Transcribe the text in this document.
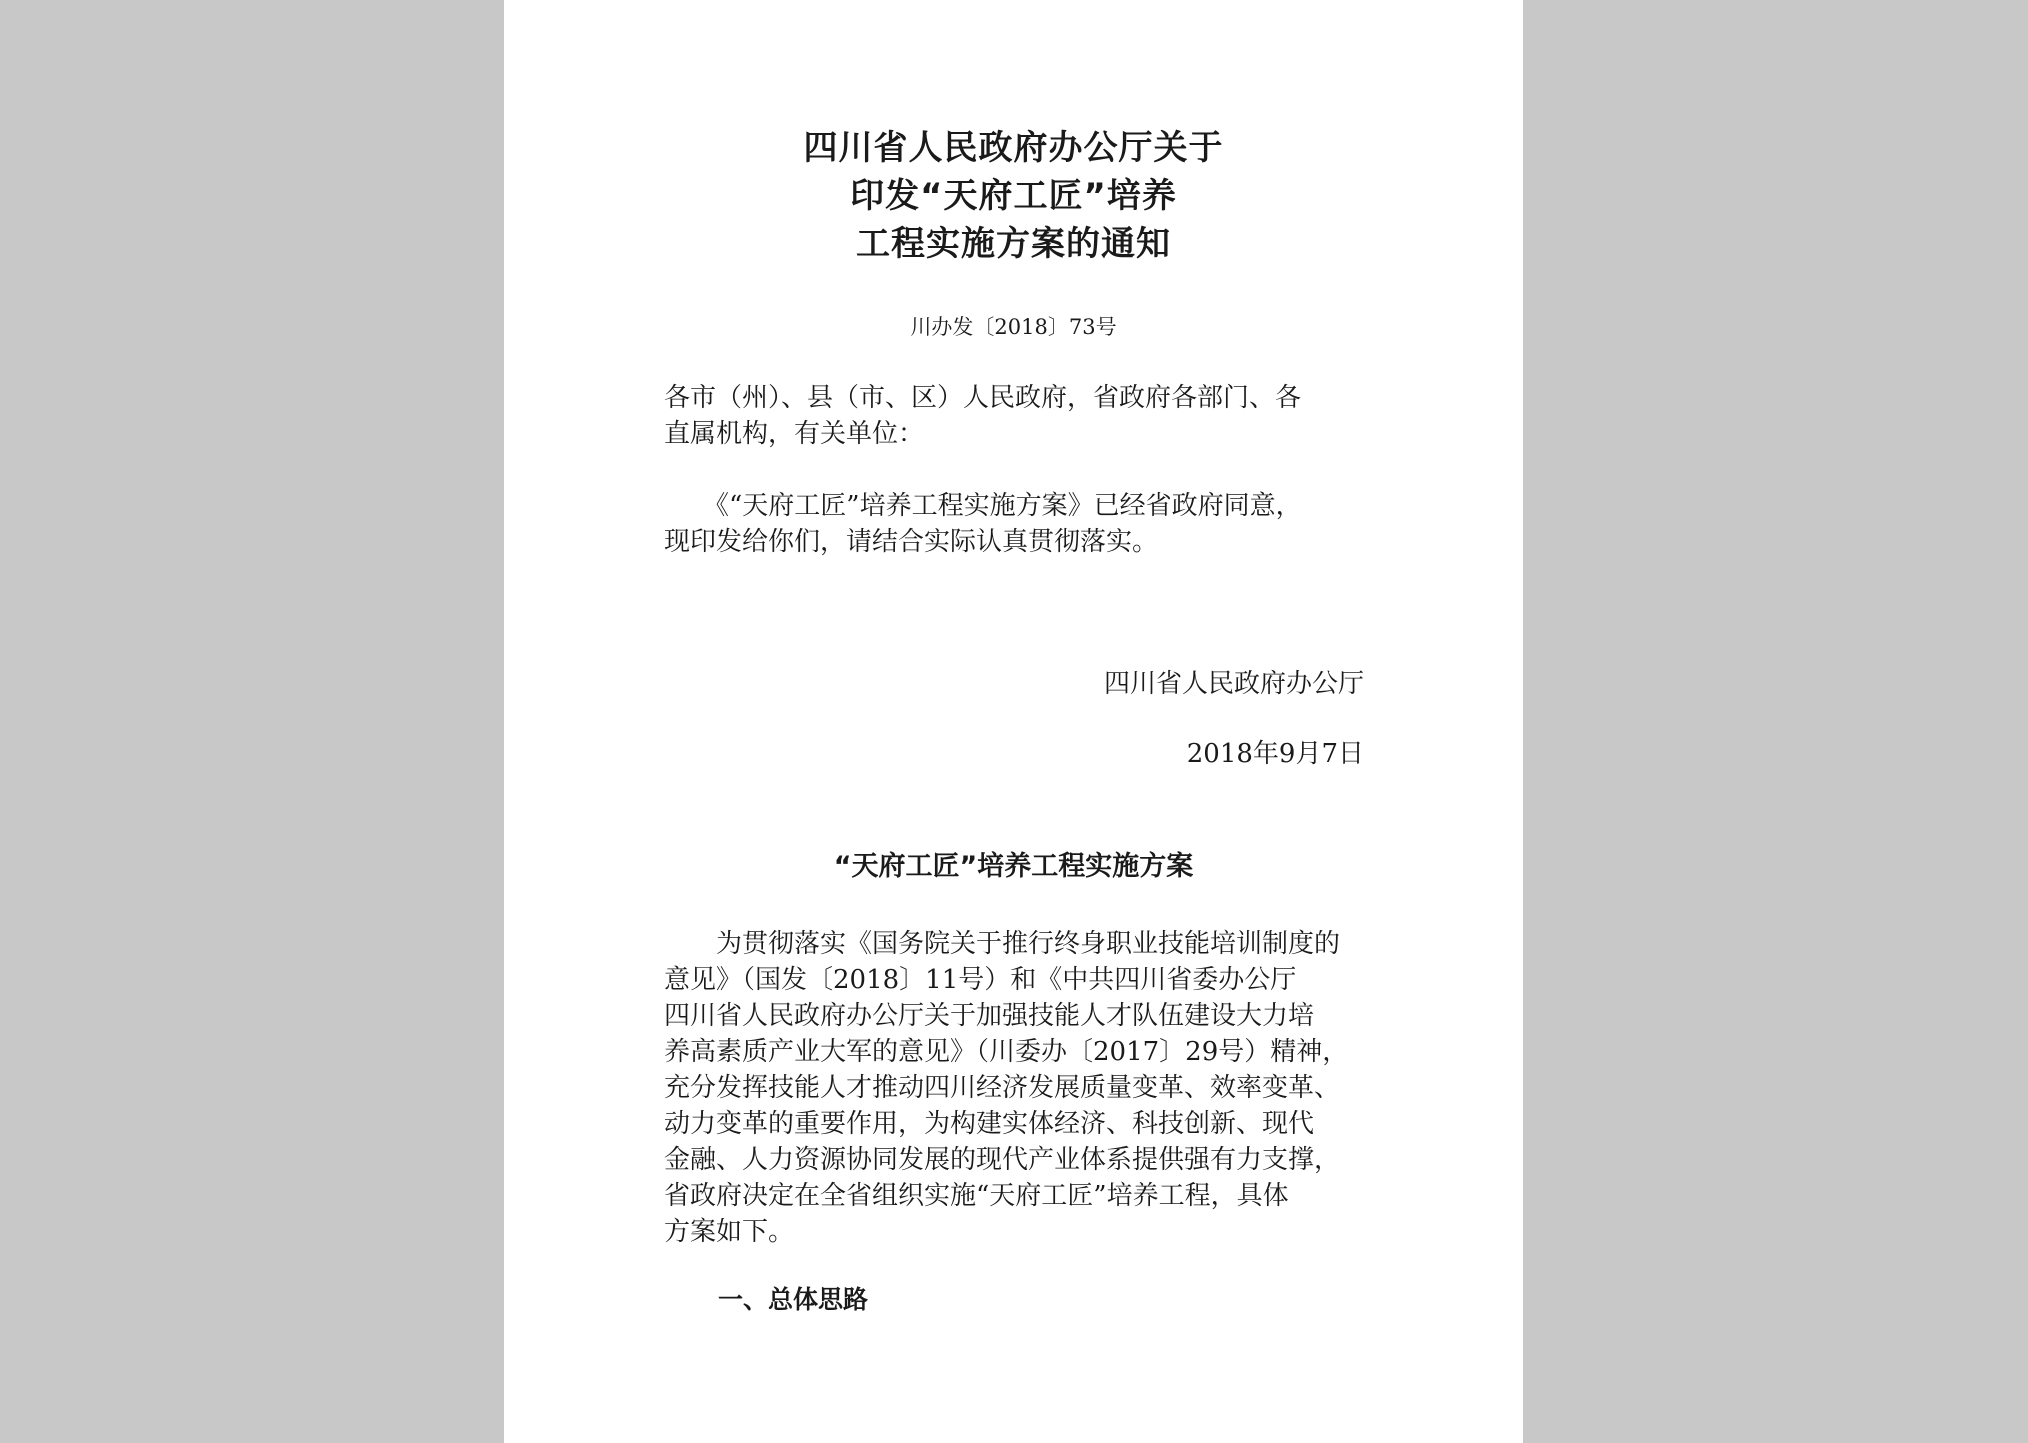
四川省人民政府办公厅关于
印发“天府工匠”培养
工程实施方案的通知
川办发〔2018〕73号
各市（州）、县（市、区）人民政府，省政府各部门、各
直属机构，有关单位：
　　《“天府工匠”培养工程实施方案》已经省政府同意，
现印发给你们，请结合实际认真贯彻落实。
四川省人民政府办公厅
2018年9月7日
“天府工匠”培养工程实施方案
　　为贯彻落实《国务院关于推行终身职业技能培训制度的
意见》（国发〔2018〕11号）和《中共四川省委办公厅
四川省人民政府办公厅关于加强技能人才队伍建设大力培
养高素质产业大军的意见》（川委办〔2017〕29号）精神，
充分发挥技能人才推动四川经济发展质量变革、效率变革、
动力变革的重要作用，为构建实体经济、科技创新、现代
金融、人力资源协同发展的现代产业体系提供强有力支撑，
省政府决定在全省组织实施“天府工匠”培养工程，具体
方案如下。
一、总体思路
